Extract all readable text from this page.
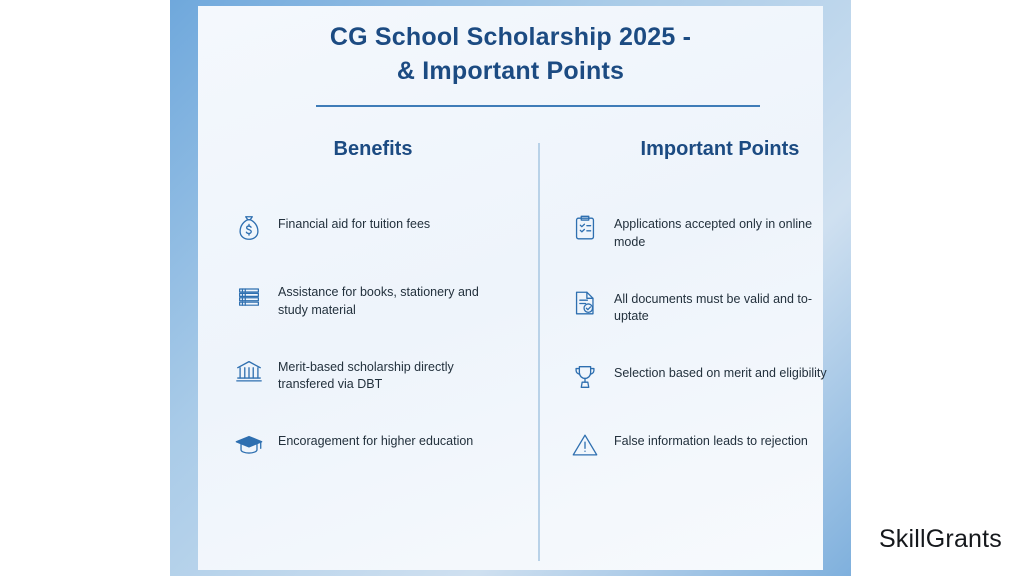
CG School Scholarship 2025 -
& Important Points
Benefits
Financial aid for tuition fees
Assistance for books, stationery and study material
Merit-based scholarship directly transfered via DBT
Encoragement for higher education
Important Points
Applications accepted only in online mode
All documents must be valid and to-uptate
Selection based on merit and eligibility
False information leads to rejection
SkillGrants
